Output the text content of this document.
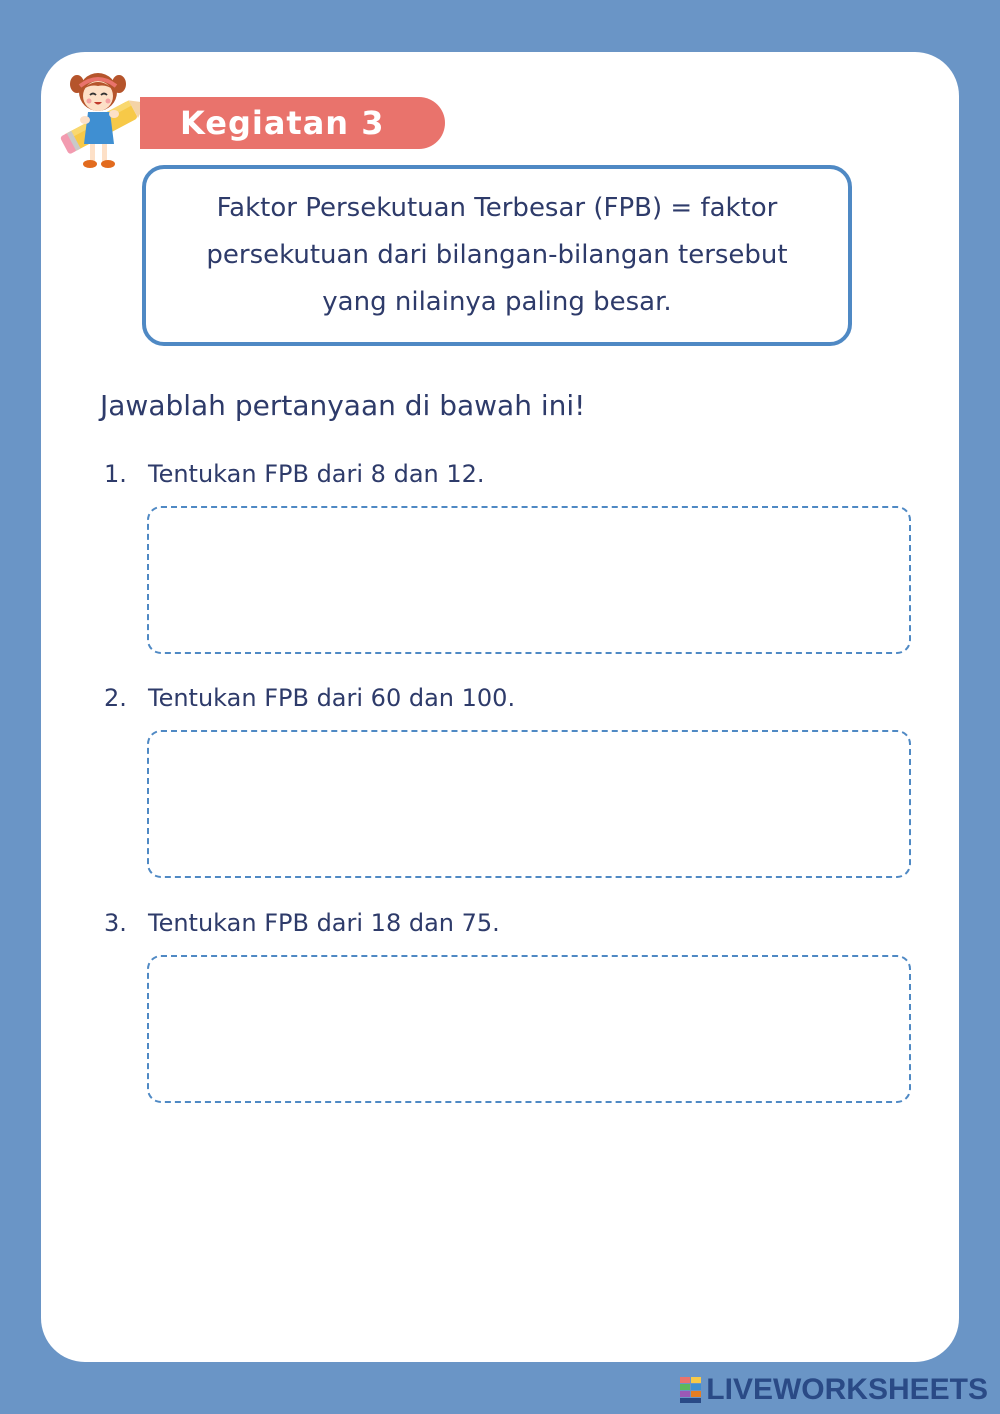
Kegiatan 3
Faktor Persekutuan Terbesar (FPB) = faktor persekutuan dari bilangan-bilangan tersebut yang nilainya paling besar.
Jawablah pertanyaan di bawah ini!
1. Tentukan FPB dari 8 dan 12.
2. Tentukan FPB dari 60 dan 100.
3. Tentukan FPB dari 18 dan 75.
LIVEWORKSHEETS
